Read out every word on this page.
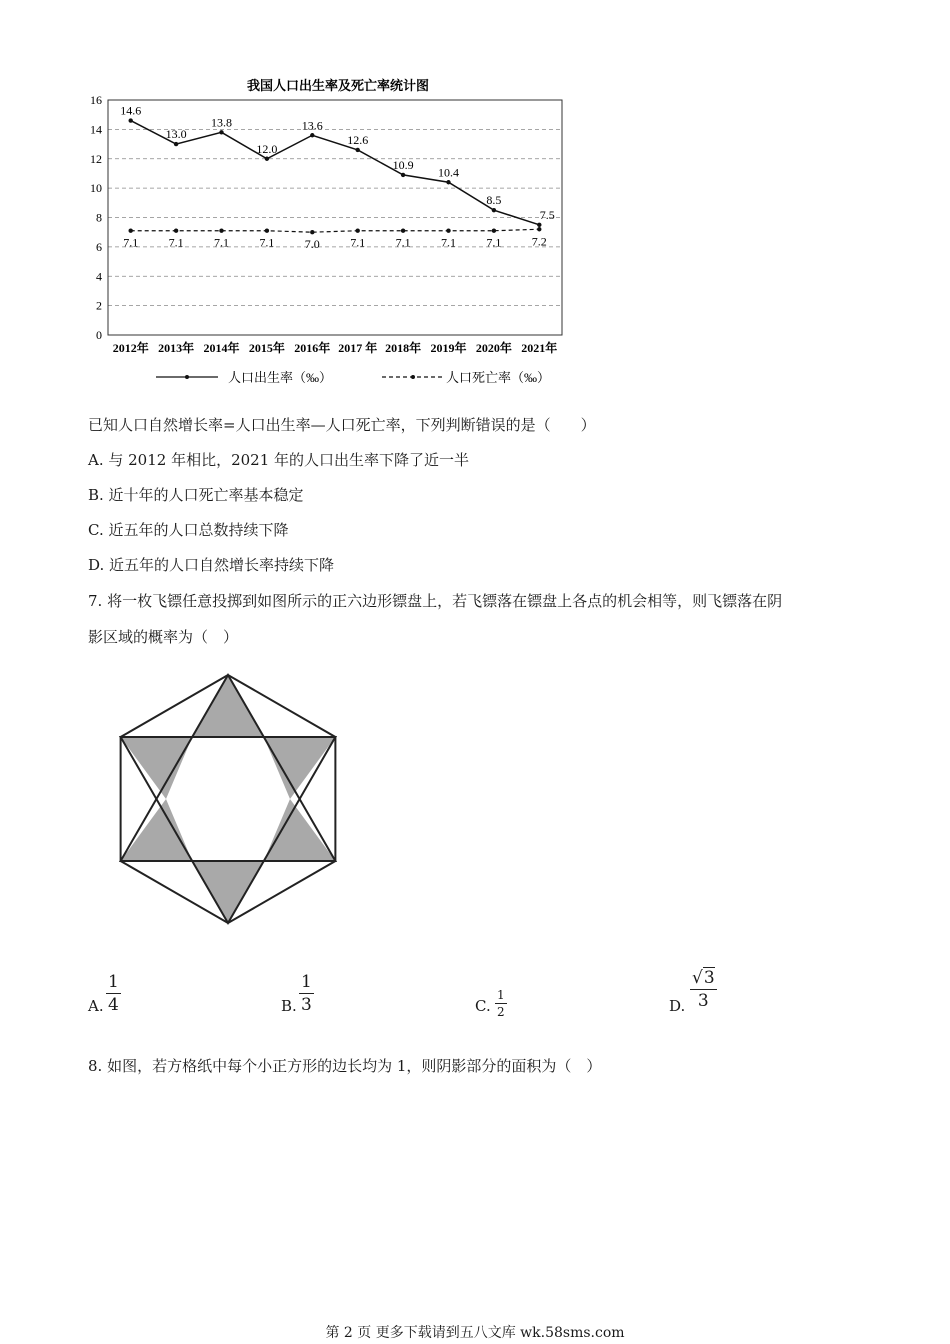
我国人口出生率及死亡率统计图
0
2
4
6
8
10
12
14
16
2012年 2013年 2014年 2015年 2016年 2017 年 2018年 2019年 2020年 2021年
14.6
13.0
13.8
12.0
13.6
12.6
10.9
10.4
8.5
7.5
7.1	7.1	7.1	7.1	7.0	7.1	7.1	7.1	7.1	7.2
人口出生率（‰）	人口死亡率（‰）
已知人口自然增长率=人口出生率—人口死亡率，下列判断错误的是（　　）
A. 与 2012 年相比，2021 年的人口出生率下降了近一半
B. 近十年的人口死亡率基本稳定
C. 近五年的人口总数持续下降
D. 近五年的人口自然增长率持续下降
7. 将一枚飞镖任意投掷到如图所示的正六边形镖盘上，若飞镖落在镖盘上各点的机会相等，则飞镖落在阴
影区域的概率为（　）
A.
1
4	B.
1
3	C.
1
2	D.
√3
3
8. 如图，若方格纸中每个小正方形的边长均为 1，则阴影部分的面积为（　）
第 2 页 更多下载请到五八文库 wk.58sms.com
